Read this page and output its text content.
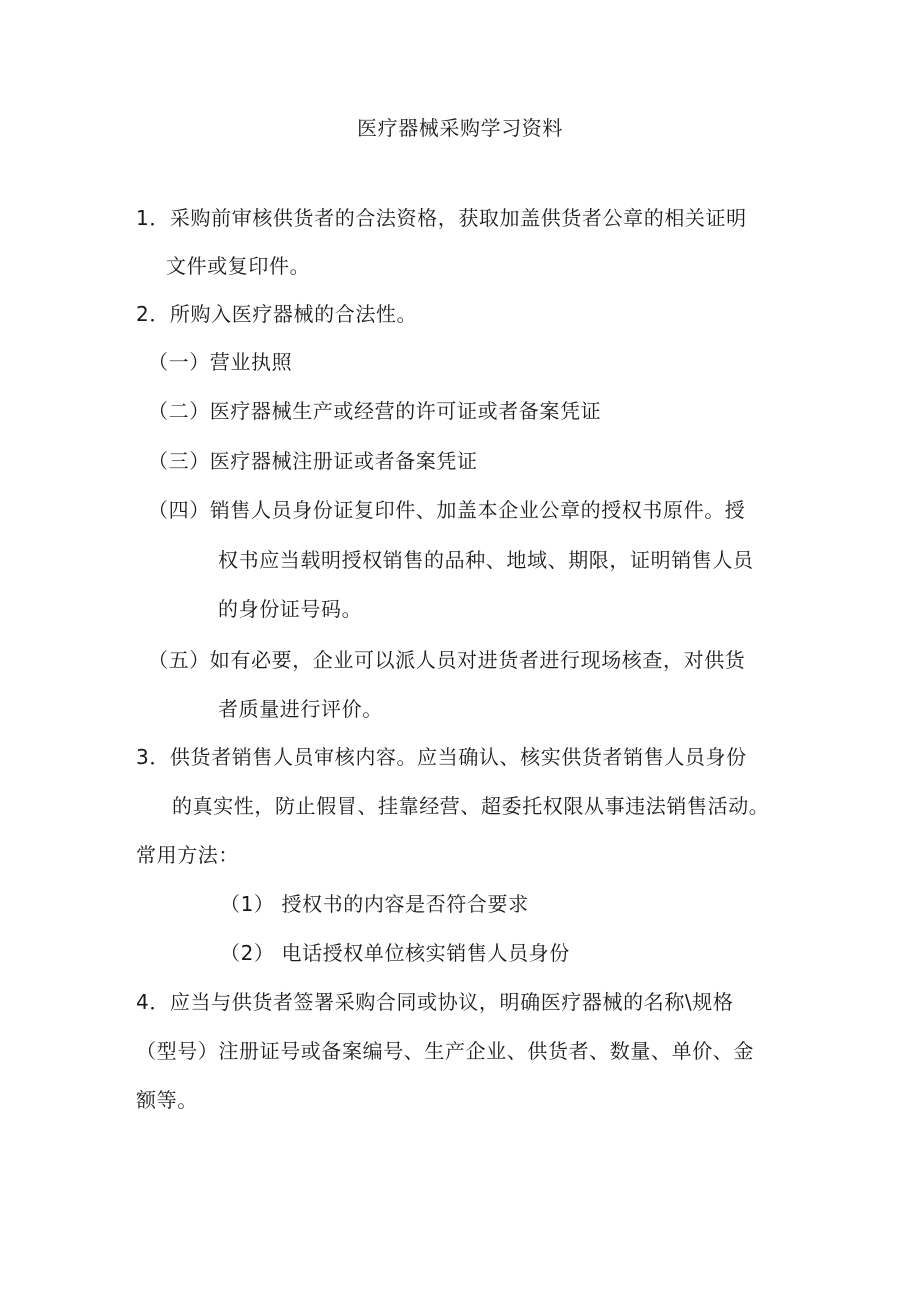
医疗器械采购学习资料
1．采购前审核供货者的合法资格，获取加盖供货者公章的相关证明
文件或复印件。
2．所购入医疗器械的合法性。
（一）营业执照
（二）医疗器械生产或经营的许可证或者备案凭证
（三）医疗器械注册证或者备案凭证
（四）销售人员身份证复印件、加盖本企业公章的授权书原件。授
权书应当载明授权销售的品种、地域、期限，证明销售人员
的身份证号码。
（五）如有必要，企业可以派人员对进货者进行现场核查，对供货
者质量进行评价。
3．供货者销售人员审核内容。应当确认、核实供货者销售人员身份
的真实性，防止假冒、挂靠经营、超委托权限从事违法销售活动。
常用方法：
（1） 授权书的内容是否符合要求
（2） 电话授权单位核实销售人员身份
4．应当与供货者签署采购合同或协议，明确医疗器械的名称\规格
（型号）注册证号或备案编号、生产企业、供货者、数量、单价、金
额等。
